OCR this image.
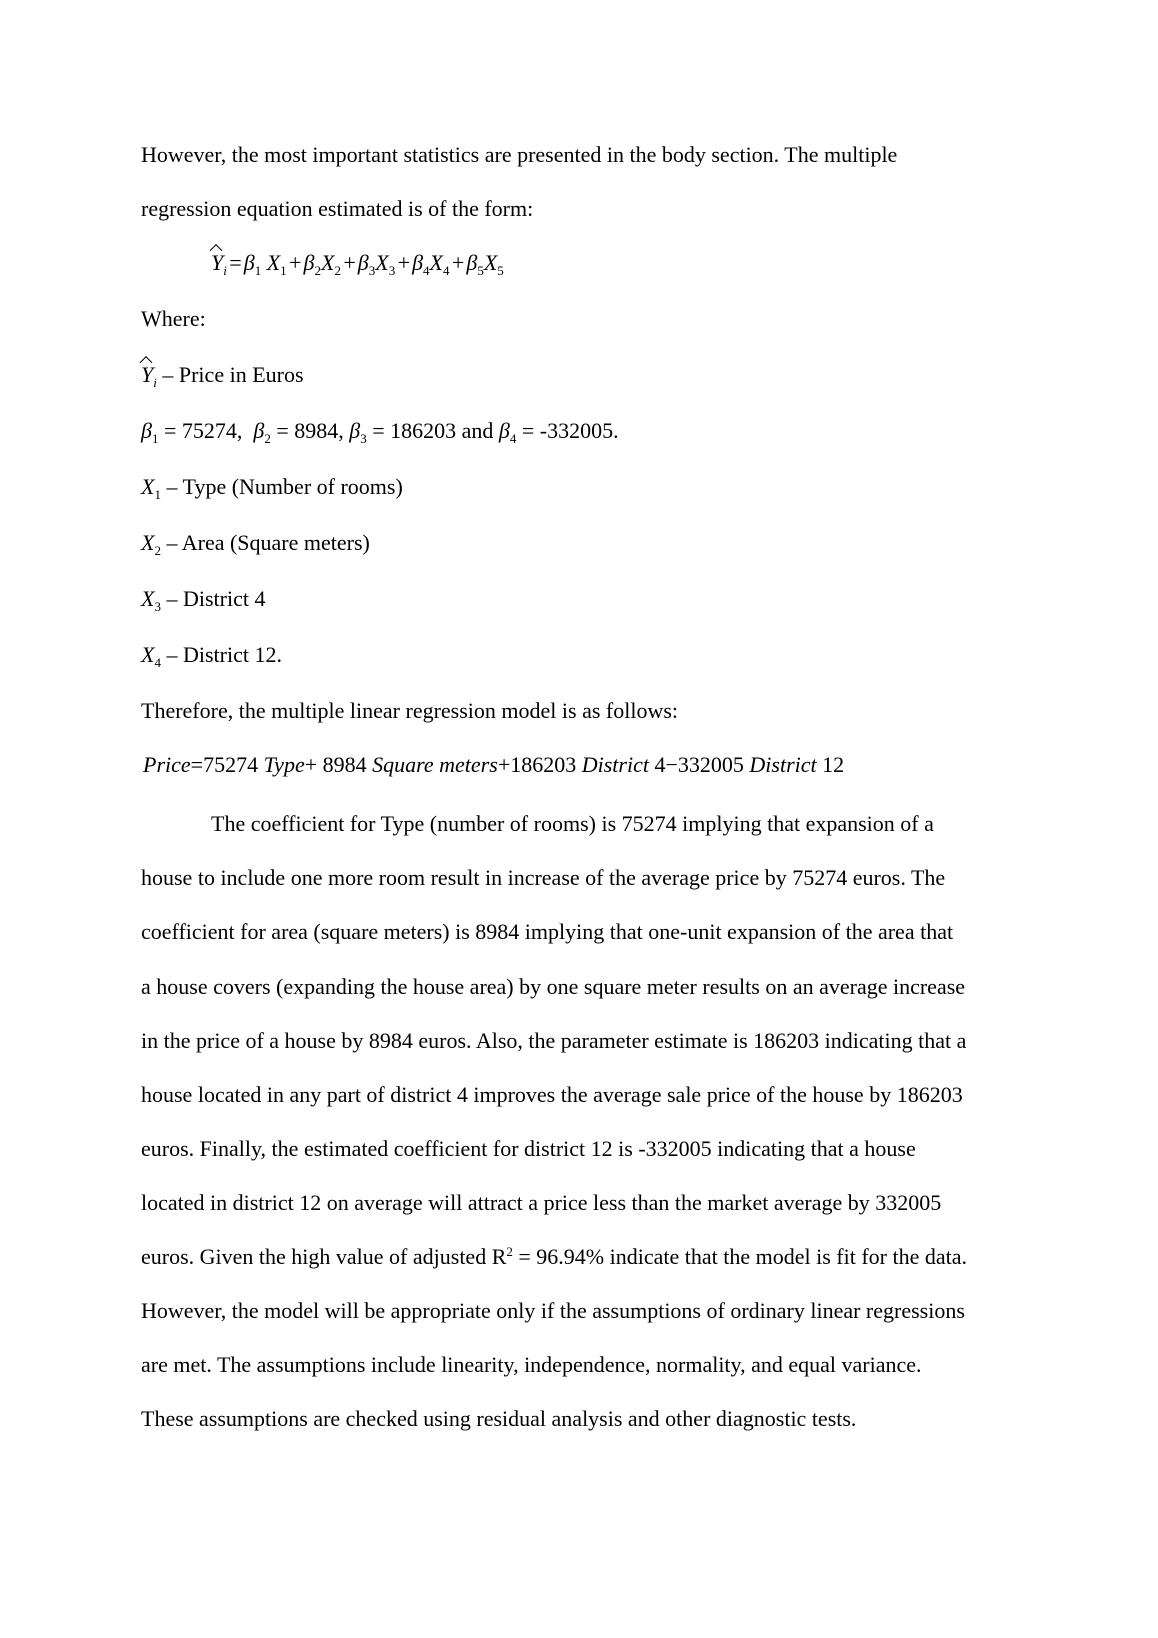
However, the most important statistics are presented in the body section. The multiple
regression equation estimated is of the form:
$Y_i=\beta_1$ $X_1+\beta_2X_2+\beta_3X_3+\beta_4X_4+\beta_5X_5$
Where:
$Y_i$ – Price in Euros
$\beta_1 = 75274$, $\beta_2 = 8984$, $\beta_3 = 186203$ and $\beta_4 = -332005$.
$X_1$ – Type (Number of rooms)
$X_2$ – Area (Square meters)
$X_3$ – District 4
$X_4$ – District 12.
Therefore, the multiple linear regression model is as follows:
Price=75274 Type+ 8984 Square meters+186203 District 4−332005 District 12
The coefficient for Type (number of rooms) is 75274 implying that expansion of a
house to include one more room result in increase of the average price by 75274 euros. The
coefficient for area (square meters) is 8984 implying that one-unit expansion of the area that
a house covers (expanding the house area) by one square meter results on an average increase
in the price of a house by 8984 euros. Also, the parameter estimate is 186203 indicating that a
house located in any part of district 4 improves the average sale price of the house by 186203
euros. Finally, the estimated coefficient for district 12 is -332005 indicating that a house
located in district 12 on average will attract a price less than the market average by 332005
euros. Given the high value of adjusted $R^2 = 96.94\%$ indicate that the model is fit for the data.
However, the model will be appropriate only if the assumptions of ordinary linear regressions
are met. The assumptions include linearity, independence, normality, and equal variance.
These assumptions are checked using residual analysis and other diagnostic tests.
